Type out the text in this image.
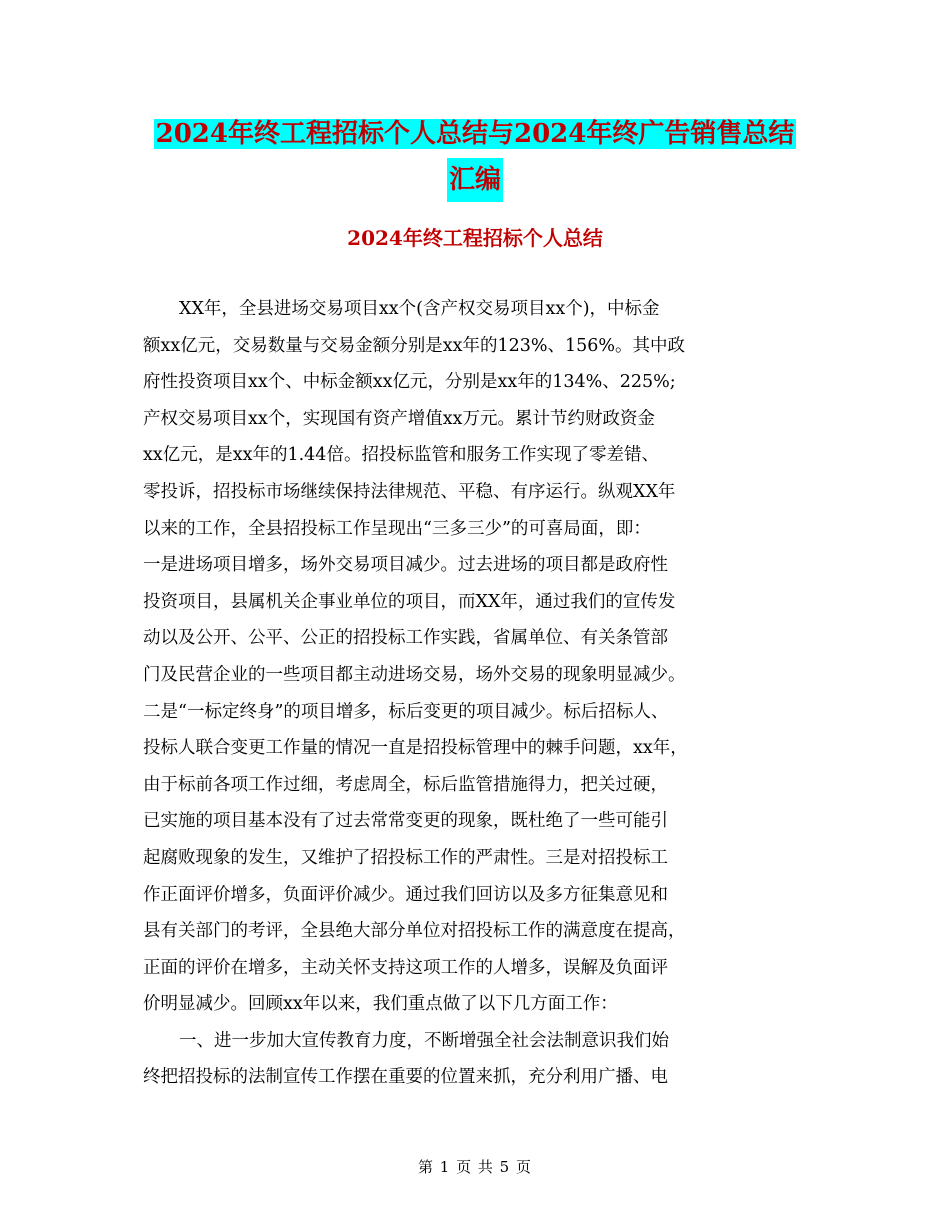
2024年终工程招标个人总结与2024年终广告销售总结
汇编
2024年终工程招标个人总结
XX年，全县进场交易项目xx个(含产权交易项目xx个)，中标金
额xx亿元，交易数量与交易金额分别是xx年的123%、156%。其中政
府性投资项目xx个、中标金额xx亿元，分别是xx年的134%、225%;
产权交易项目xx个，实现国有资产增值xx万元。累计节约财政资金
xx亿元，是xx年的1.44倍。招投标监管和服务工作实现了零差错、
零投诉，招投标市场继续保持法律规范、平稳、有序运行。纵观XX年
以来的工作，全县招投标工作呈现出“三多三少”的可喜局面，即：
一是进场项目增多，场外交易项目减少。过去进场的项目都是政府性
投资项目，县属机关企事业单位的项目，而XX年，通过我们的宣传发
动以及公开、公平、公正的招投标工作实践，省属单位、有关条管部
门及民营企业的一些项目都主动进场交易，场外交易的现象明显减少。
二是“一标定终身”的项目增多，标后变更的项目减少。标后招标人、
投标人联合变更工作量的情况一直是招投标管理中的棘手问题，xx年，
由于标前各项工作过细，考虑周全，标后监管措施得力，把关过硬，
已实施的项目基本没有了过去常常变更的现象，既杜绝了一些可能引
起腐败现象的发生，又维护了招投标工作的严肃性。三是对招投标工
作正面评价增多，负面评价减少。通过我们回访以及多方征集意见和
县有关部门的考评，全县绝大部分单位对招投标工作的满意度在提高，
正面的评价在增多，主动关怀支持这项工作的人增多，误解及负面评
价明显减少。回顾xx年以来，我们重点做了以下几方面工作：
一、进一步加大宣传教育力度，不断增强全社会法制意识我们始
终把招投标的法制宣传工作摆在重要的位置来抓，充分利用广播、电
第 1 页 共 5 页
